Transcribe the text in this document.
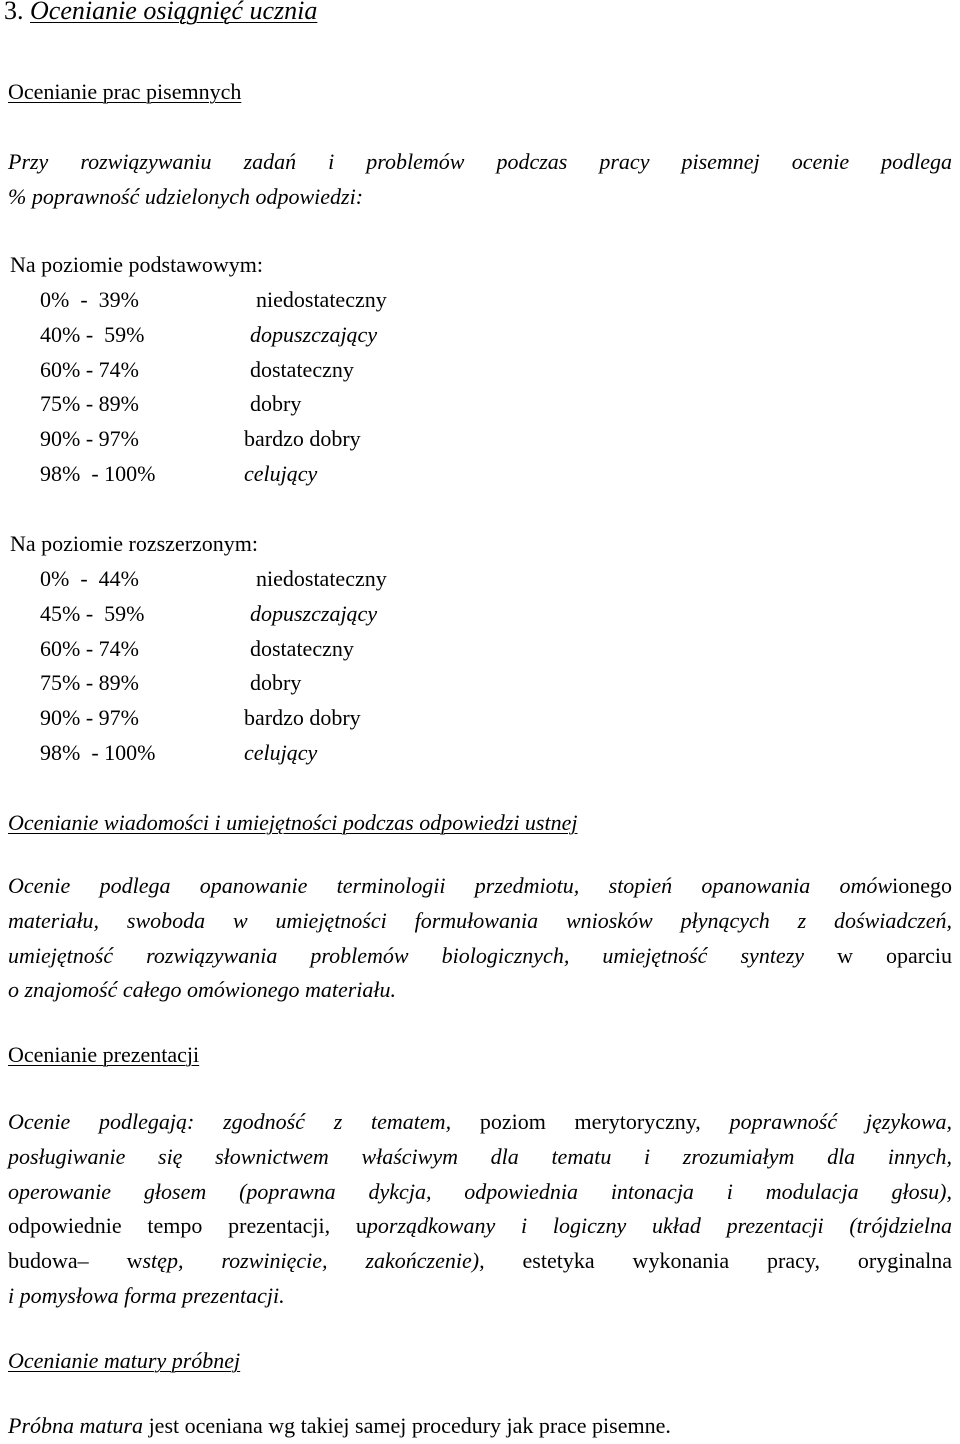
3. Ocenianie osiągnięć ucznia
Ocenianie prac pisemnych
Przy rozwiązywaniu zadań i problemów podczas pracy pisemnej ocenie podlega
% poprawność udzielonych odpowiedzi:
Na poziomie podstawowym:
0%  -  39%	niedostateczny
40% -  59%	dopuszczający
60% - 74%	dostateczny
75% - 89%	dobry
90% - 97%	bardzo dobry
98%  - 100%	celujący
Na poziomie rozszerzonym:
0%  -  44%	niedostateczny
45% -  59%	dopuszczający
60% - 74%	dostateczny
75% - 89%	dobry
90% - 97%	bardzo dobry
98%  - 100%	celujący
Ocenianie wiadomości i umiejętności podczas odpowiedzi ustnej
Ocenie podlega opanowanie terminologii przedmiotu, stopień opanowania omówionego
materiału, swoboda w umiejętności formułowania wniosków płynących z doświadczeń,
umiejętność rozwiązywania problemów biologicznych, umiejętność syntezy w oparciu
o znajomość całego omówionego materiału.
Ocenianie prezentacji
Ocenie podlegają: zgodność z tematem, poziom merytoryczny, poprawność językowa,
posługiwanie się słownictwem właściwym dla tematu i zrozumiałym dla innych,
operowanie głosem (poprawna dykcja, odpowiednia intonacja i modulacja głosu),
odpowiednie tempo prezentacji, uporządkowany i logiczny układ prezentacji (trójdzielna
budowa– wstęp, rozwinięcie, zakończenie), estetyka wykonania pracy, oryginalna
i pomysłowa forma prezentacji.
Ocenianie matury próbnej
Próbna matura jest oceniana wg takiej samej procedury jak prace pisemne.
